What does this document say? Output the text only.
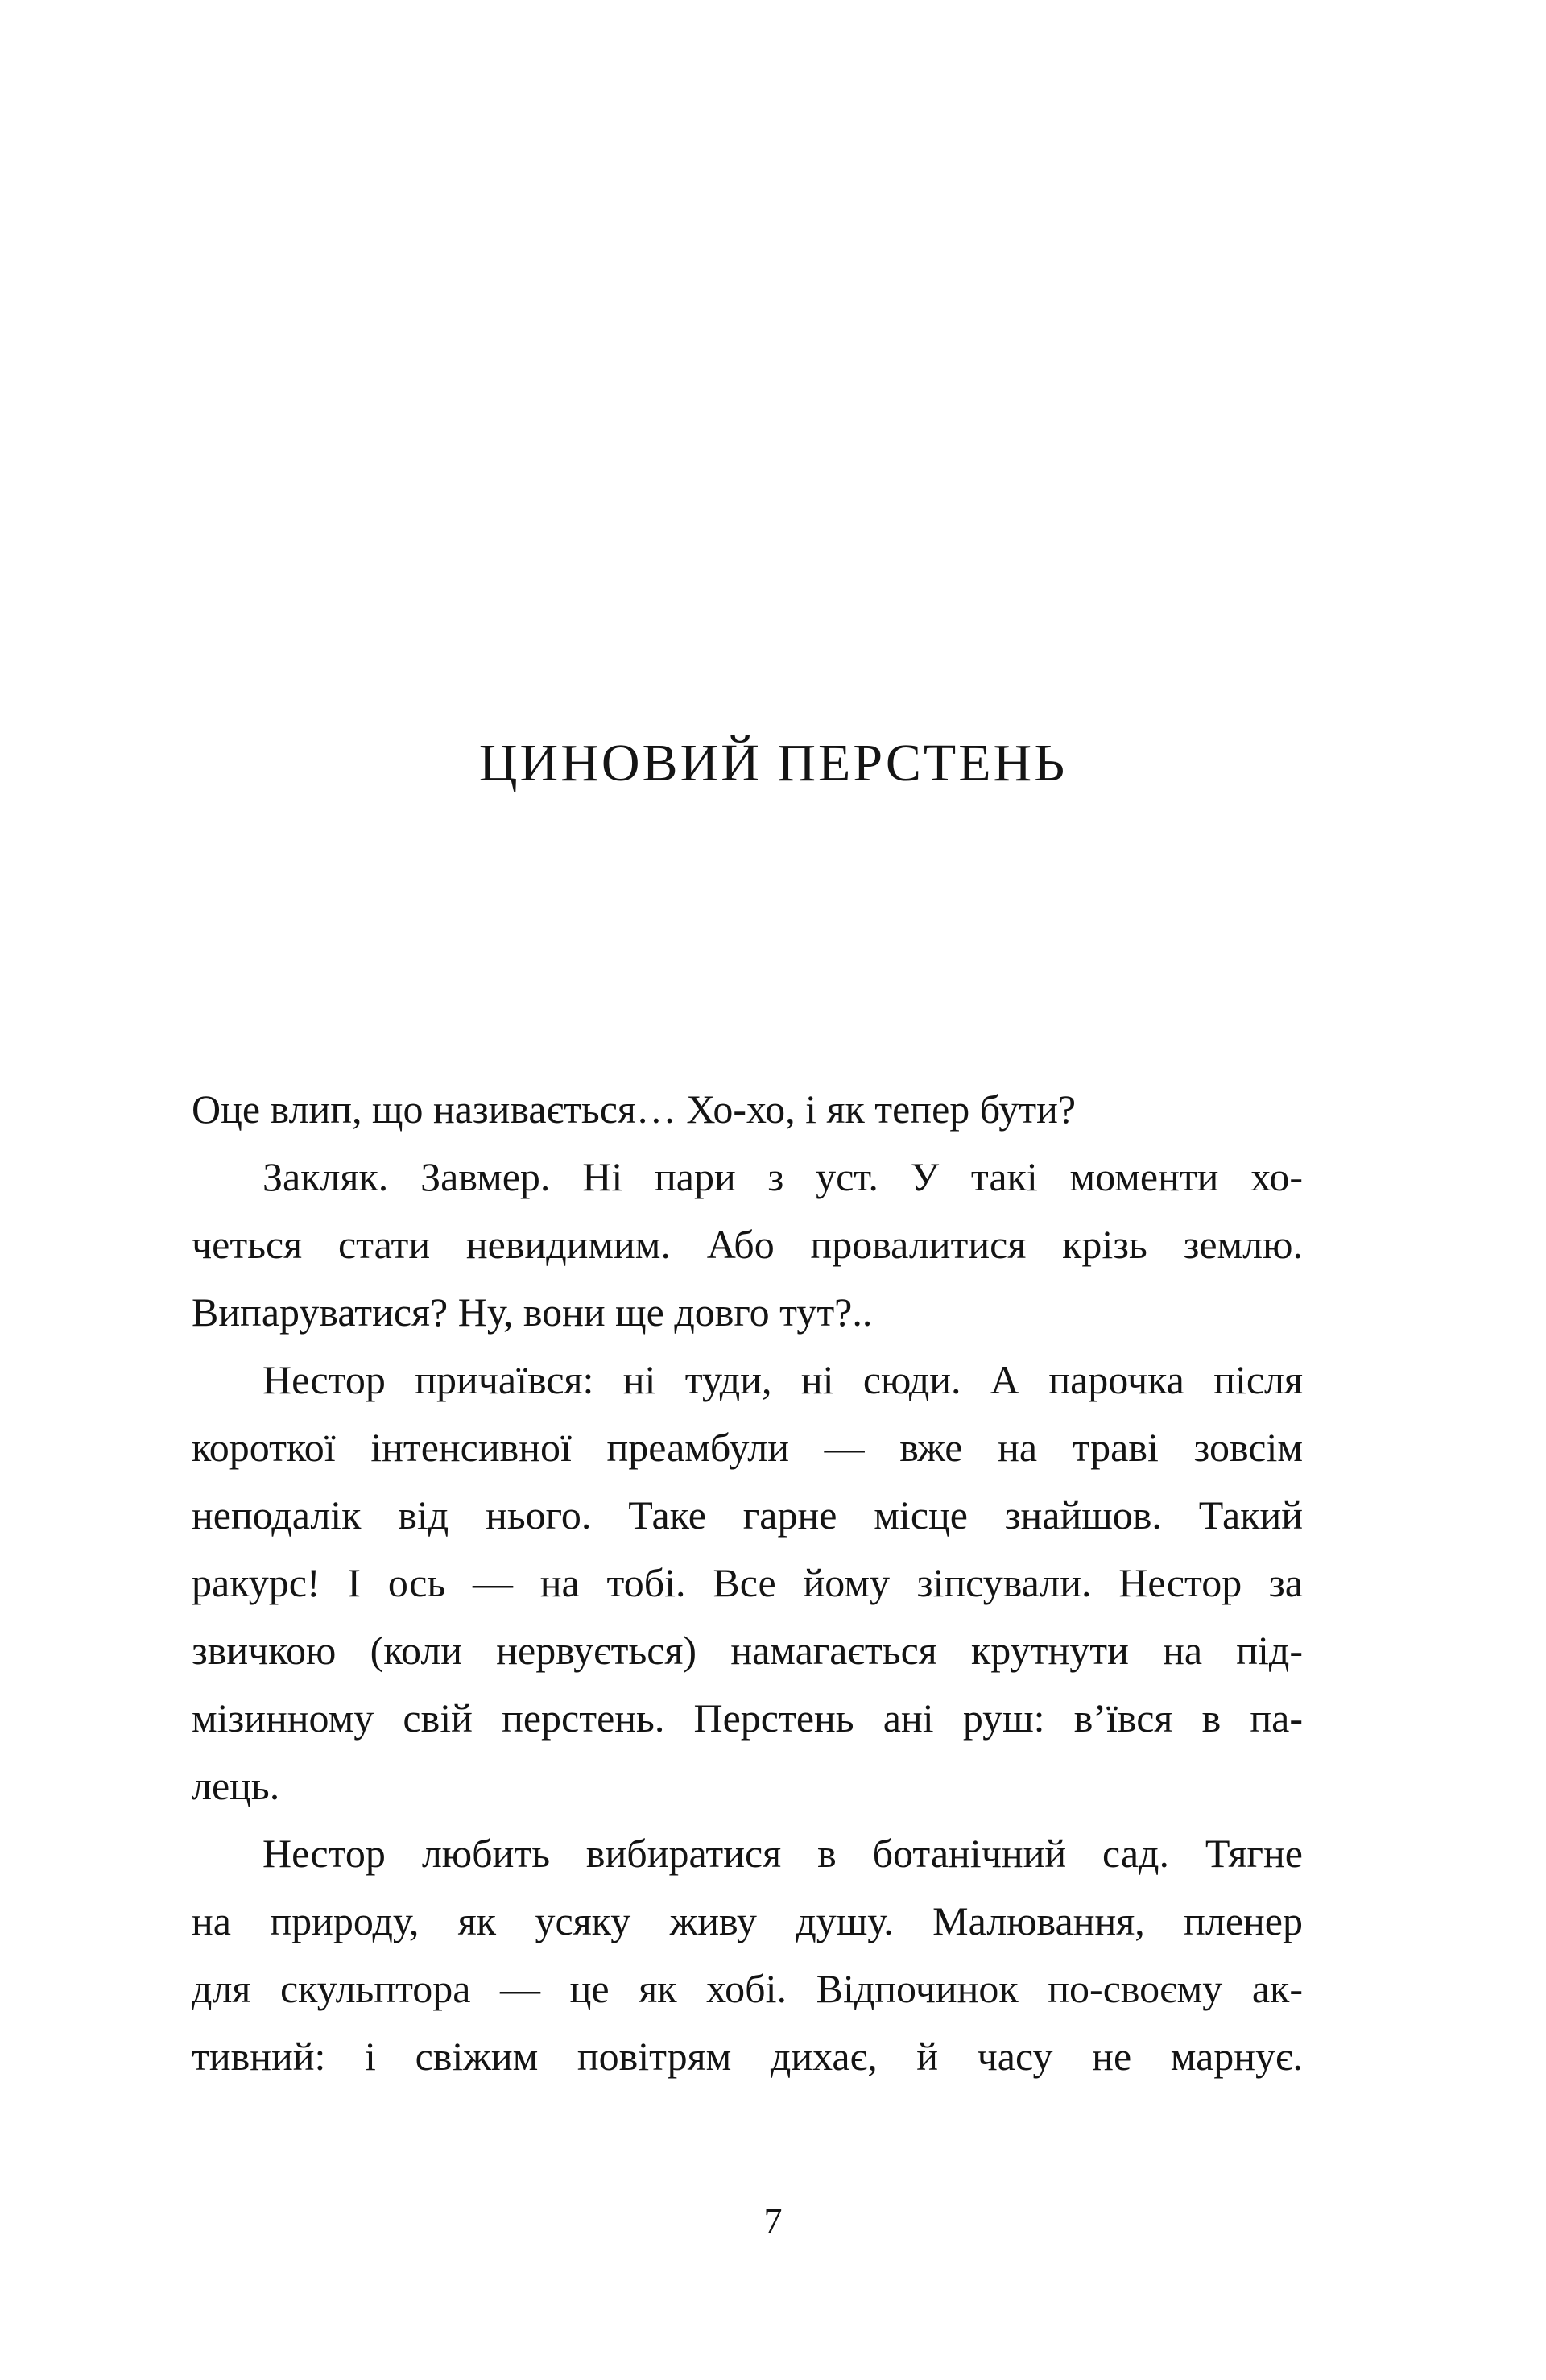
ЦИНОВИЙ ПЕРСТЕНЬ
Оце влип, що називається… Хо-хо, і як тепер бути?
Закляк. Завмер. Ні пари з уст. У такі моменти хо-
четься стати невидимим. Або провалитися крізь землю.
Випаруватися? Ну, вони ще довго тут?..
Нестор причаївся: ні туди, ні сюди. А парочка після
короткої інтенсивної преамбули — вже на траві зовсім
неподалік від нього. Таке гарне місце знайшов. Такий
ракурс! І ось — на тобі. Все йому зіпсували. Нестор за
звичкою (коли нервується) намагається крутнути на під-
мізинному свій перстень. Перстень ані руш: в’ївся в па-
лець.
Нестор любить вибиратися в ботанічний сад. Тягне
на природу, як усяку живу душу. Малювання, пленер
для скульптора — це як хобі. Відпочинок по-своєму ак-
тивний: і свіжим повітрям дихає, й часу не марнує.
7
